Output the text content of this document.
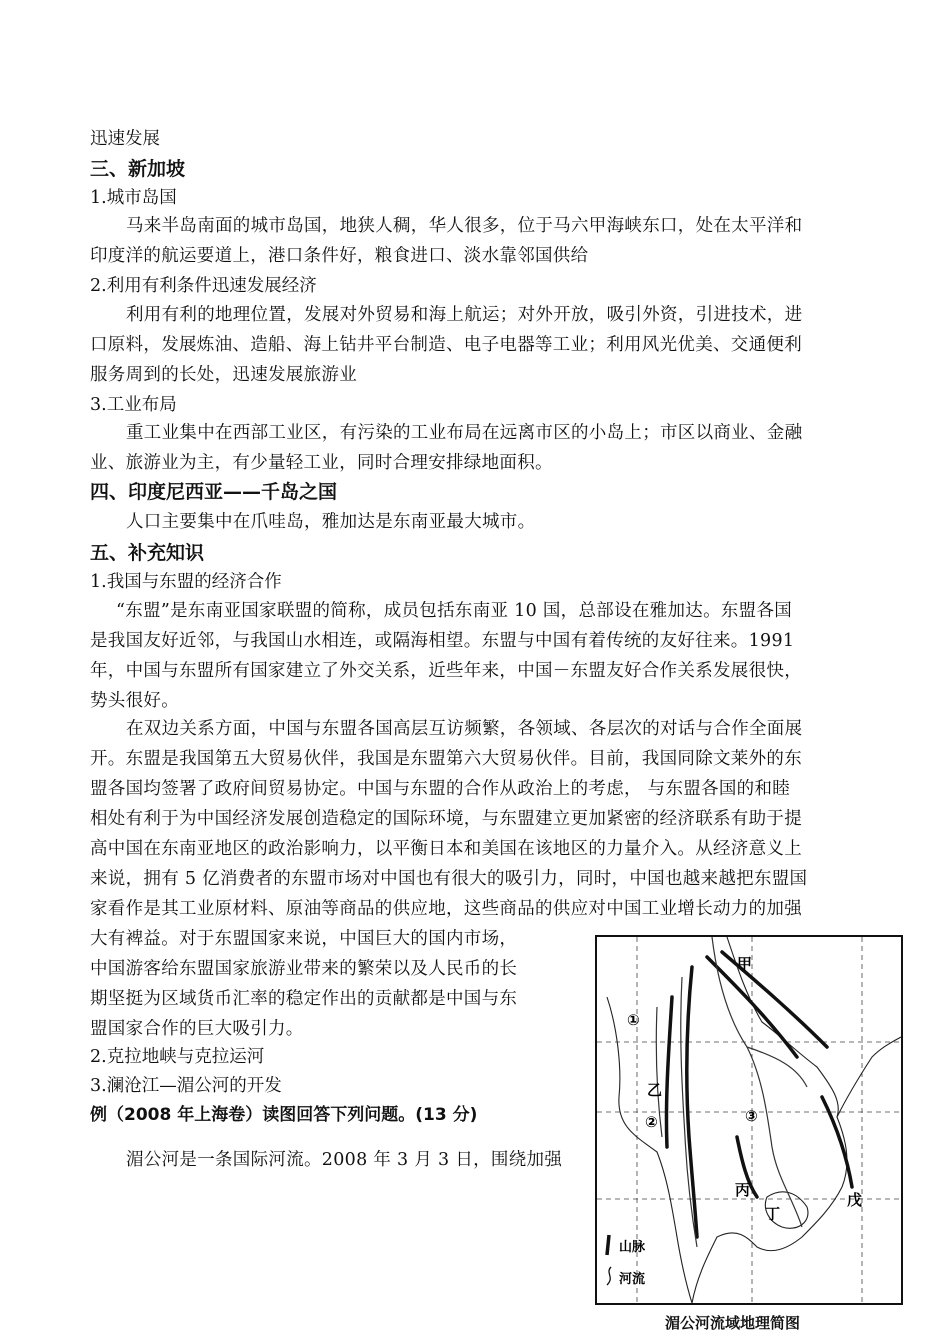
迅速发展
三、新加坡
1.城市岛国
马来半岛南面的城市岛国，地狭人稠，华人很多，位于马六甲海峡东口，处在太平洋和
印度洋的航运要道上，港口条件好，粮食进口、淡水靠邻国供给
2.利用有利条件迅速发展经济
利用有利的地理位置，发展对外贸易和海上航运；对外开放，吸引外资，引进技术，进
口原料，发展炼油、造船、海上钻井平台制造、电子电器等工业；利用风光优美、交通便利
服务周到的长处，迅速发展旅游业
3.工业布局
重工业集中在西部工业区，有污染的工业布局在远离市区的小岛上；市区以商业、金融
业、旅游业为主，有少量轻工业，同时合理安排绿地面积。
四、印度尼西亚——千岛之国
人口主要集中在爪哇岛，雅加达是东南亚最大城市。
五、补充知识
1.我国与东盟的经济合作
“东盟”是东南亚国家联盟的简称，成员包括东南亚 10 国，总部设在雅加达。东盟各国
是我国友好近邻，与我国山水相连，或隔海相望。东盟与中国有着传统的友好往来。1991
年，中国与东盟所有国家建立了外交关系，近些年来，中国－东盟友好合作关系发展很快，
势头很好。
在双边关系方面，中国与东盟各国高层互访频繁，各领域、各层次的对话与合作全面展
开。东盟是我国第五大贸易伙伴，我国是东盟第六大贸易伙伴。目前，我国同除文莱外的东
盟各国均签署了政府间贸易协定。中国与东盟的合作从政治上的考虑， 与东盟各国的和睦
相处有利于为中国经济发展创造稳定的国际环境，与东盟建立更加紧密的经济联系有助于提
高中国在东南亚地区的政治影响力，以平衡日本和美国在该地区的力量介入。从经济意义上
来说，拥有 5 亿消费者的东盟市场对中国也有很大的吸引力，同时，中国也越来越把东盟国
家看作是其工业原材料、原油等商品的供应地，这些商品的供应对中国工业增长动力的加强
大有裨益。对于东盟国家来说，中国巨大的国内市场，
中国游客给东盟国家旅游业带来的繁荣以及人民币的长
期坚挺为区域货币汇率的稳定作出的贡献都是中国与东
盟国家合作的巨大吸引力。
2.克拉地峡与克拉运河
3.澜沧江—湄公河的开发
例（2008 年上海卷）读图回答下列问题。(13 分)
湄公河是一条国际河流。2008 年 3 月 3 日，围绕加强
甲
①
乙
②	③
丙
丁
戊
山脉
河流
湄公河流域地理简图
